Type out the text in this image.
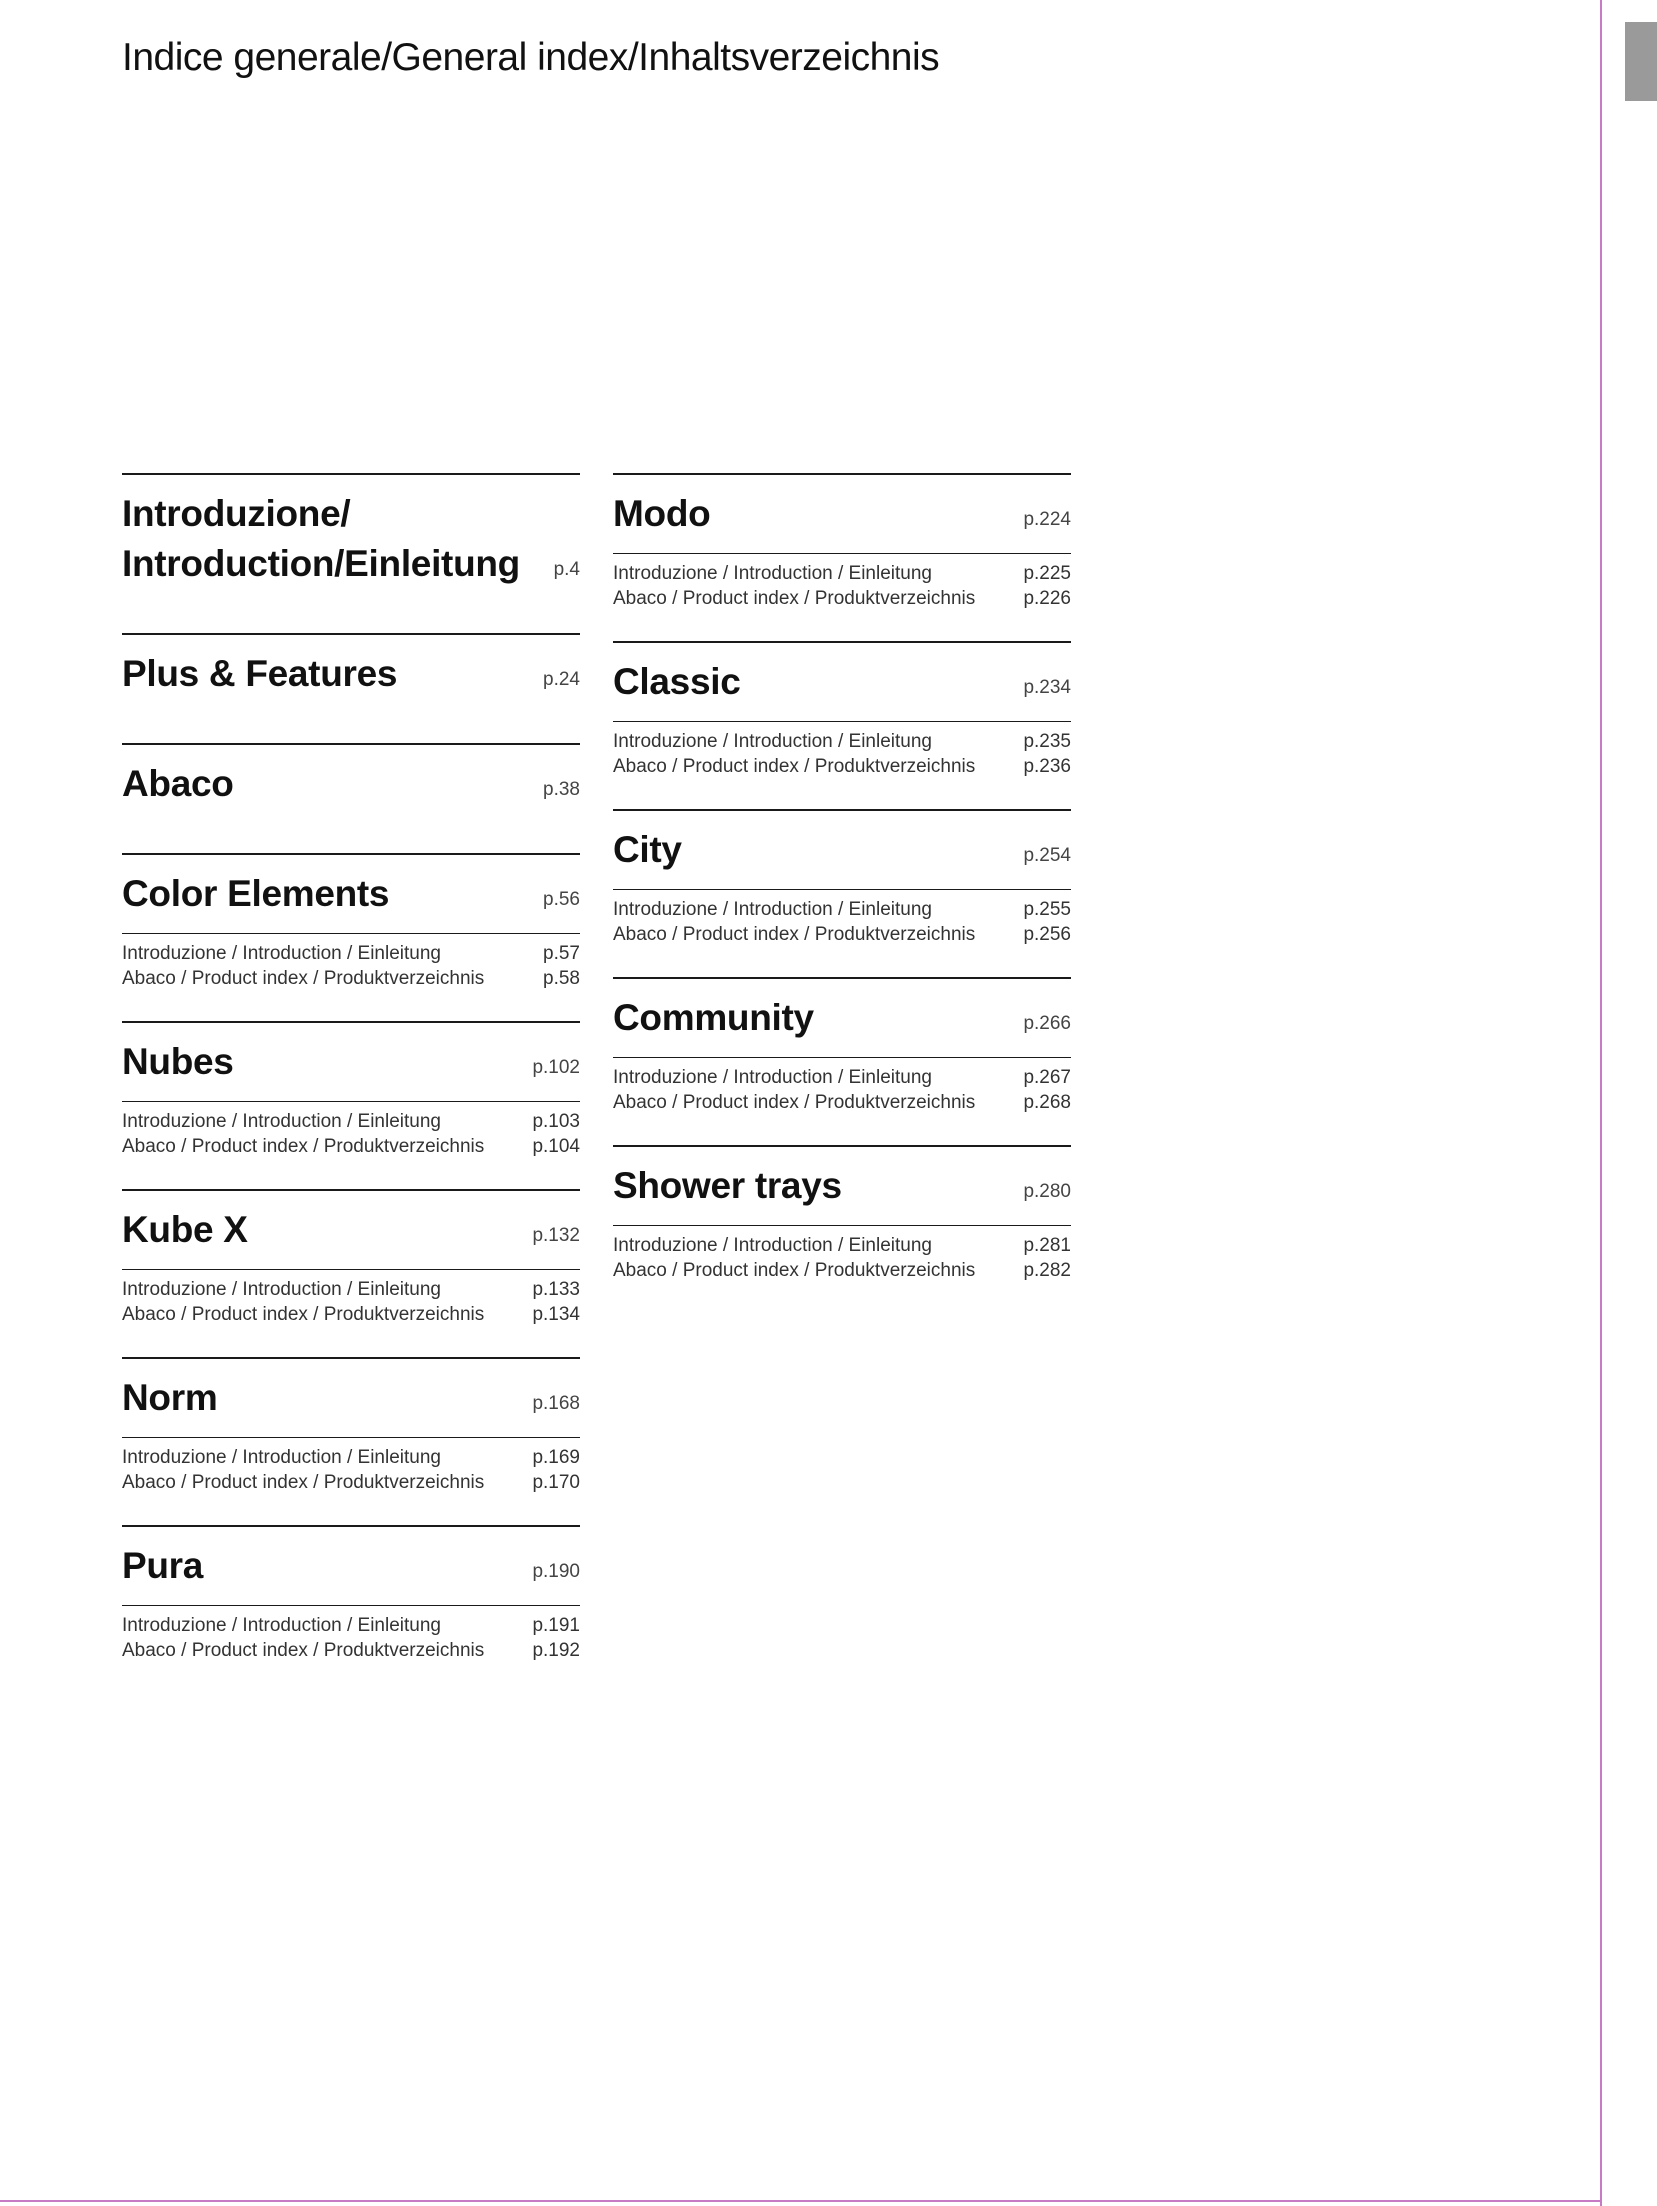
Indice generale/General index/Inhaltsverzeichnis
Introduzione/
Introduction/Einleitung p.4
Plus & Features	p.24
Abaco	p.38
Color Elements	p.56
Introduzione / Introduction / Einleitung	p.57
Abaco / Product index / Produktverzeichnis	p.58
Nubes	p.102
Introduzione / Introduction / Einleitung	p.103
Abaco / Product index / Produktverzeichnis	p.104
Kube X	p.132
Introduzione / Introduction / Einleitung	p.133
Abaco / Product index / Produktverzeichnis	p.134
Norm	p.168
Introduzione / Introduction / Einleitung	p.169
Abaco / Product index / Produktverzeichnis	p.170
Pura	p.190
Introduzione / Introduction / Einleitung	p.191
Abaco / Product index / Produktverzeichnis	p.192
Modo	p.224
Introduzione / Introduction / Einleitung	p.225
Abaco / Product index / Produktverzeichnis	p.226
Classic	p.234
Introduzione / Introduction / Einleitung	p.235
Abaco / Product index / Produktverzeichnis	p.236
City	p.254
Introduzione / Introduction / Einleitung	p.255
Abaco / Product index / Produktverzeichnis	p.256
Community	p.266
Introduzione / Introduction / Einleitung	p.267
Abaco / Product index / Produktverzeichnis	p.268
Shower trays	p.280
Introduzione / Introduction / Einleitung	p.281
Abaco / Product index / Produktverzeichnis	p.282
